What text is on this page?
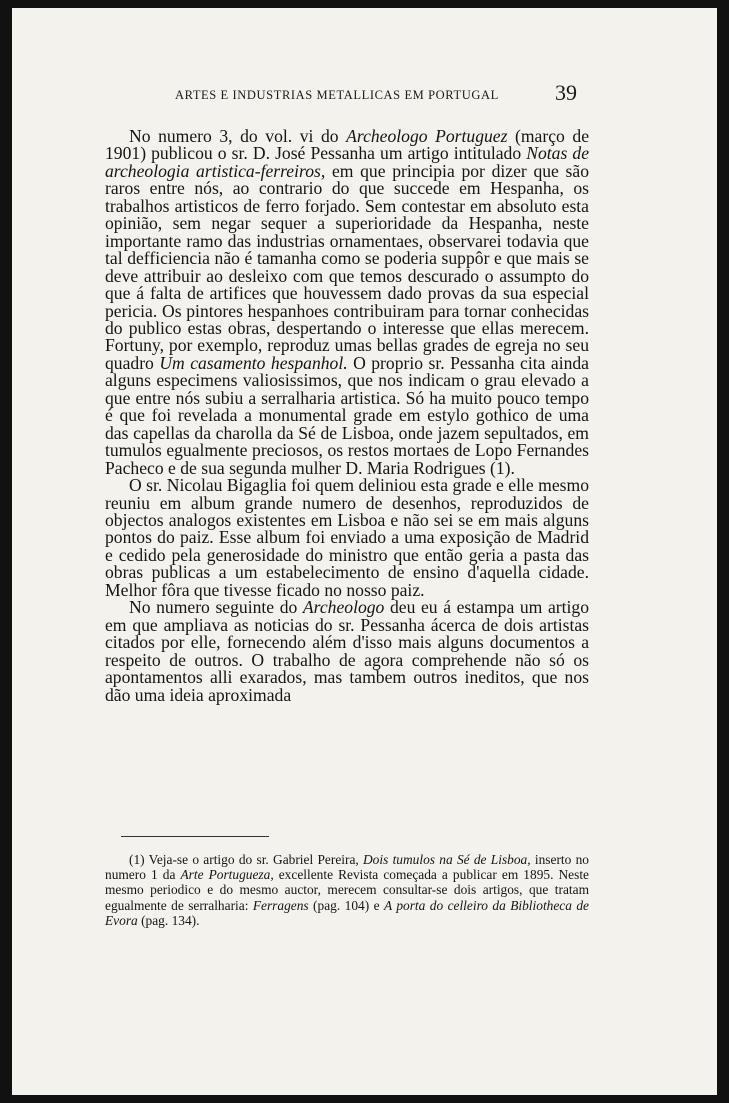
ARTES E INDUSTRIAS METALLICAS EM PORTUGAL	39

No numero 3, do vol. vi do Archeologo Portuguez (março de 1901) publicou o sr. D. José Pessanha um artigo intitulado Notas de archeologia artistica-ferreiros, em que principia por dizer que são raros entre nós, ao contrario do que succede em Hespanha, os trabalhos artisticos de ferro forjado. Sem contestar em absoluto esta opinião, sem negar sequer a superioridade da Hespanha, neste importante ramo das industrias ornamentaes, observarei todavia que tal defficiencia não é tamanha como se poderia suppôr e que mais se deve attribuir ao desleixo com que temos descurado o assumpto do que á falta de artifices que houvessem dado provas da sua especial pericia. Os pintores hespanhoes contribuiram para tornar conhecidas do publico estas obras, despertando o interesse que ellas merecem. Fortuny, por exemplo, reproduz umas bellas grades de egreja no seu quadro Um casamento hespanhol. O proprio sr. Pessanha cita ainda alguns especimens valiosissimos, que nos indicam o grau elevado a que entre nós subiu a serralharia artistica. Só ha muito pouco tempo é que foi revelada a monumental grade em estylo gothico de uma das capellas da charolla da Sé de Lisboa, onde jazem sepultados, em tumulos egualmente preciosos, os restos mortaes de Lopo Fernandes Pacheco e de sua segunda mulher D. Maria Rodrigues (1).

O sr. Nicolau Bigaglia foi quem deliniou esta grade e elle mesmo reuniu em album grande numero de desenhos, reproduzidos de objectos analogos existentes em Lisboa e não sei se em mais alguns pontos do paiz. Esse album foi enviado a uma exposição de Madrid e cedido pela generosidade do ministro que então geria a pasta das obras publicas a um estabelecimento de ensino d'aquella cidade. Melhor fôra que tivesse ficado no nosso paiz.

No numero seguinte do Archeologo deu eu á estampa um artigo em que ampliava as noticias do sr. Pessanha ácerca de dois artistas citados por elle, fornecendo além d'isso mais alguns documentos a respeito de outros. O trabalho de agora comprehende não só os apontamentos alli exarados, mas tambem outros ineditos, que nos dão uma ideia aproximada

(1) Veja-se o artigo do sr. Gabriel Pereira, Dois tumulos na Sé de Lisboa, inserto no numero 1 da Arte Portugueza, excellente Revista começada a publicar em 1895. Neste mesmo periodico e do mesmo auctor, merecem consultar-se dois artigos, que tratam egualmente de serralharia: Ferragens (pag. 104) e A porta do celleiro da Bibliotheca de Evora (pag. 134).
